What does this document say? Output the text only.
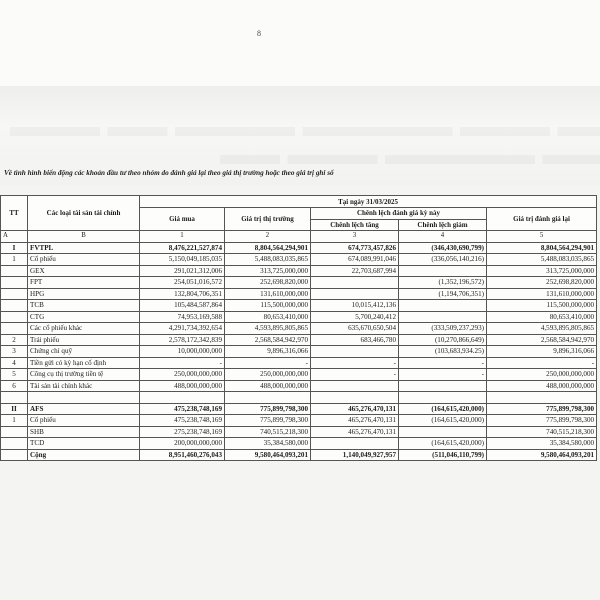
8
Về tình hình biến động các khoản đầu tư theo nhóm do đánh giá lại theo giá thị trường hoặc theo giá trị ghi sổ
TT	Các loại tài sản tài chính	Tại ngày 31/03/2025				
		Giá mua	Giá trị thị trường	Chênh lệch đánh giá kỳ này		Giá trị đánh giá lại
				Chênh lệch tăng	Chênh lệch giảm	
A	B	1	2	3	4	5
I	FVTPL	8,476,221,527,874	8,804,564,294,901	674,773,457,826	(346,430,690,799)	8,804,564,294,901
1	Cổ phiếu	5,150,049,185,035	5,488,083,035,865	674,089,991,046	(336,056,140,216)	5,488,083,035,865
	GEX	291,021,312,006	313,725,000,000	22,703,687,994		313,725,000,000
	FPT	254,051,016,572	252,698,820,000		(1,352,196,572)	252,698,820,000
	HPG	132,804,706,351	131,610,000,000		(1,194,706,351)	131,610,000,000
	TCB	105,484,587,864	115,500,000,000	10,015,412,136		115,500,000,000
	CTG	74,953,169,588	80,653,410,000	5,700,240,412		80,653,410,000
	Các cổ phiếu khác	4,291,734,392,654	4,593,895,805,865	635,670,650,504	(333,509,237,293)	4,593,895,805,865
2	Trái phiếu	2,578,172,342,839	2,568,584,942,970	683,466,780	(10,270,866,649)	2,568,584,942,970
3	Chứng chỉ quỹ	10,000,000,000	9,896,316,066		(103,683,934.25)	9,896,316,066
4	Tiền gửi có kỳ hạn cố định	-	-	-	-	-
5	Công cụ thị trường tiền tệ	250,000,000,000	250,000,000,000	-	-	250,000,000,000
6	Tài sản tài chính khác	488,000,000,000	488,000,000,000			488,000,000,000

II	AFS	475,238,748,169	775,899,798,300	465,276,470,131	(164,615,420,000)	775,899,798,300
1	Cổ phiếu	475,238,748,169	775,899,798,300	465,276,470,131	(164,615,420,000)	775,899,798,300
	SHB	275,238,748,169	740,515,218,300	465,276,470,131		740,515,218,300
	TCD	200,000,000,000	35,384,580,000		(164,615,420,000)	35,384,580,000
	Cộng	8,951,460,276,043	9,580,464,093,201	1,140,049,927,957	(511,046,110,799)	9,580,464,093,201
